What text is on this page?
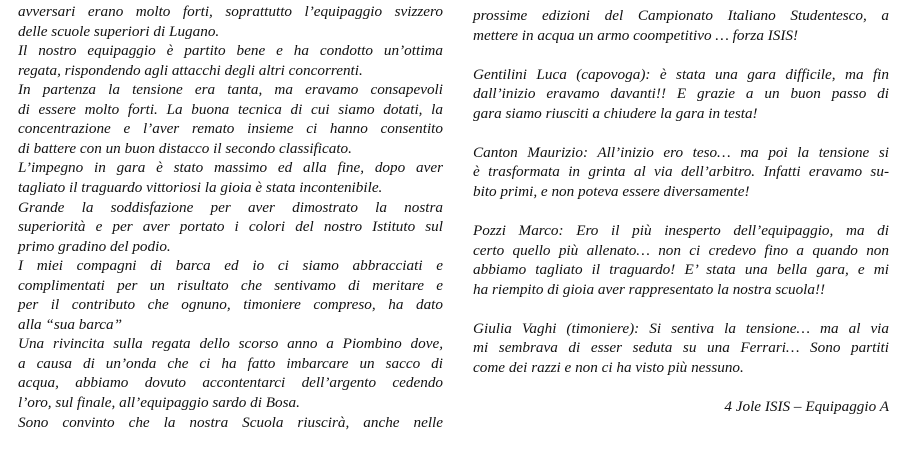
avversari erano molto forti, soprattutto l’equipaggio svizzero
delle scuole superiori di Lugano.
Il nostro equipaggio è partito bene e ha condotto un’ottima
regata, rispondendo agli attacchi degli altri concorrenti.
In partenza la tensione era tanta, ma eravamo consapevoli
di essere molto forti. La buona tecnica di cui siamo dotati, la
concentrazione e l’aver remato insieme ci hanno consentito
di battere con un buon distacco il secondo classificato.
L’impegno in gara è stato massimo ed alla fine, dopo aver
tagliato il traguardo vittoriosi la gioia è stata incontenibile.
Grande la soddisfazione per aver dimostrato la nostra
superiorità e per aver portato i colori del nostro Istituto sul
primo gradino del podio.
I miei compagni di barca ed io ci siamo abbracciati e
complimentati per un risultato che sentivamo di meritare e
per il contributo che ognuno, timoniere compreso, ha dato
alla “sua barca”
Una rivincita sulla regata dello scorso anno a Piombino dove,
a causa di un’onda che ci ha fatto imbarcare un sacco di
acqua, abbiamo dovuto accontentarci dell’argento cedendo
l’oro, sul finale, all’equipaggio sardo di Bosa.
Sono convinto che la nostra Scuola riuscirà, anche nelle
prossime edizioni del Campionato Italiano Studentesco, a
mettere in acqua un armo coompetitivo … forza ISIS!
Gentilini Luca (capovoga): è stata una gara difficile, ma fin
dall’inizio eravamo davanti!! E grazie a un buon passo di
gara siamo riusciti a chiudere la gara in testa!
Canton Maurizio: All’inizio ero teso… ma poi la tensione si
è trasformata in grinta al via dell’arbitro. Infatti eravamo su-
bito primi, e non poteva essere diversamente!
Pozzi Marco: Ero il più inesperto dell’equipaggio, ma di
certo quello più allenato… non ci credevo fino a quando non
abbiamo tagliato il traguardo! E’ stata una bella gara, e mi
ha riempito di gioia aver rappresentato la nostra scuola!!
Giulia Vaghi (timoniere): Si sentiva la tensione… ma al via
mi sembrava di esser seduta su una Ferrari… Sono partiti
come dei razzi e non ci ha visto più nessuno.
4 Jole ISIS – Equipaggio A
